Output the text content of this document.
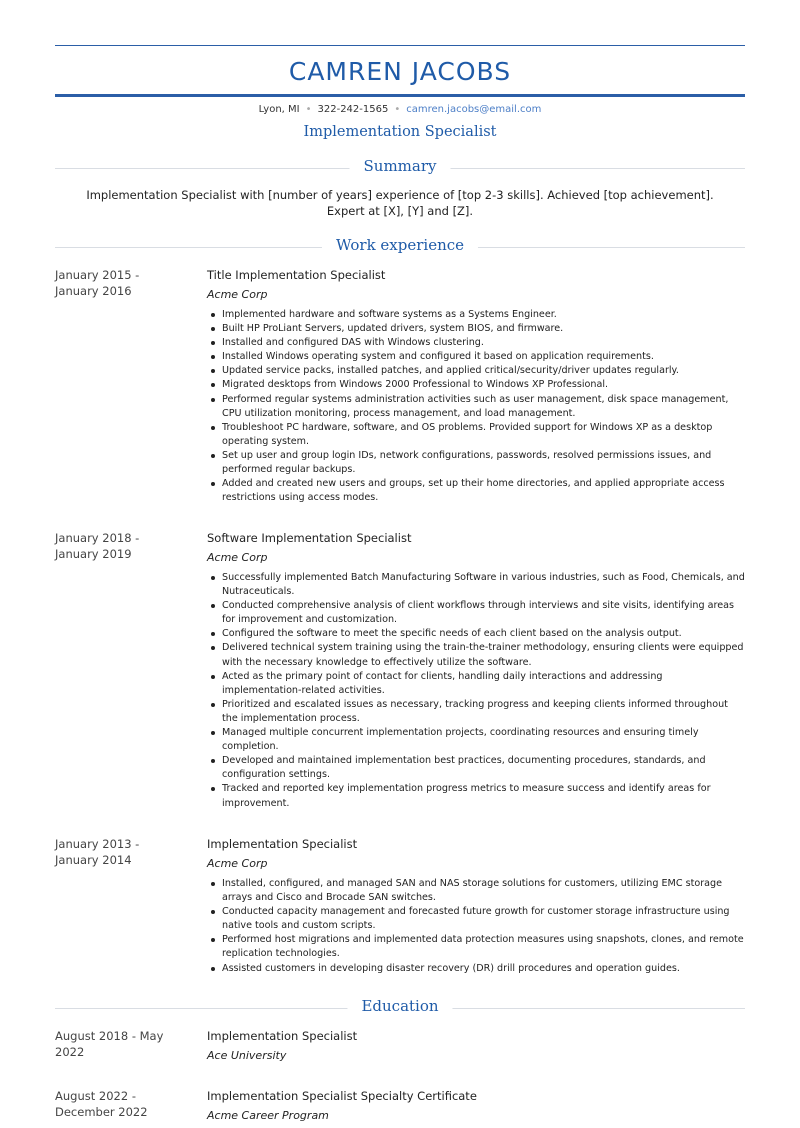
CAMREN JACOBS
Lyon, MI • 322-242-1565 • camren.jacobs@email.com
Implementation Specialist
Summary
Implementation Specialist with [number of years] experience of [top 2-3 skills]. Achieved [top achievement]. Expert at [X], [Y] and [Z].
Work experience
January 2015 - January 2016
Title Implementation Specialist
Acme Corp
Implemented hardware and software systems as a Systems Engineer.
Built HP ProLiant Servers, updated drivers, system BIOS, and firmware.
Installed and configured DAS with Windows clustering.
Installed Windows operating system and configured it based on application requirements.
Updated service packs, installed patches, and applied critical/security/driver updates regularly.
Migrated desktops from Windows 2000 Professional to Windows XP Professional.
Performed regular systems administration activities such as user management, disk space management, CPU utilization monitoring, process management, and load management.
Troubleshoot PC hardware, software, and OS problems. Provided support for Windows XP as a desktop operating system.
Set up user and group login IDs, network configurations, passwords, resolved permissions issues, and performed regular backups.
Added and created new users and groups, set up their home directories, and applied appropriate access restrictions using access modes.
January 2018 - January 2019
Software Implementation Specialist
Acme Corp
Successfully implemented Batch Manufacturing Software in various industries, such as Food, Chemicals, and Nutraceuticals.
Conducted comprehensive analysis of client workflows through interviews and site visits, identifying areas for improvement and customization.
Configured the software to meet the specific needs of each client based on the analysis output.
Delivered technical system training using the train-the-trainer methodology, ensuring clients were equipped with the necessary knowledge to effectively utilize the software.
Acted as the primary point of contact for clients, handling daily interactions and addressing implementation-related activities.
Prioritized and escalated issues as necessary, tracking progress and keeping clients informed throughout the implementation process.
Managed multiple concurrent implementation projects, coordinating resources and ensuring timely completion.
Developed and maintained implementation best practices, documenting procedures, standards, and configuration settings.
Tracked and reported key implementation progress metrics to measure success and identify areas for improvement.
January 2013 - January 2014
Implementation Specialist
Acme Corp
Installed, configured, and managed SAN and NAS storage solutions for customers, utilizing EMC storage arrays and Cisco and Brocade SAN switches.
Conducted capacity management and forecasted future growth for customer storage infrastructure using native tools and custom scripts.
Performed host migrations and implemented data protection measures using snapshots, clones, and remote replication technologies.
Assisted customers in developing disaster recovery (DR) drill procedures and operation guides.
Education
August 2018 - May 2022
Implementation Specialist
Ace University
August 2022 - December 2022
Implementation Specialist Specialty Certificate
Acme Career Program
